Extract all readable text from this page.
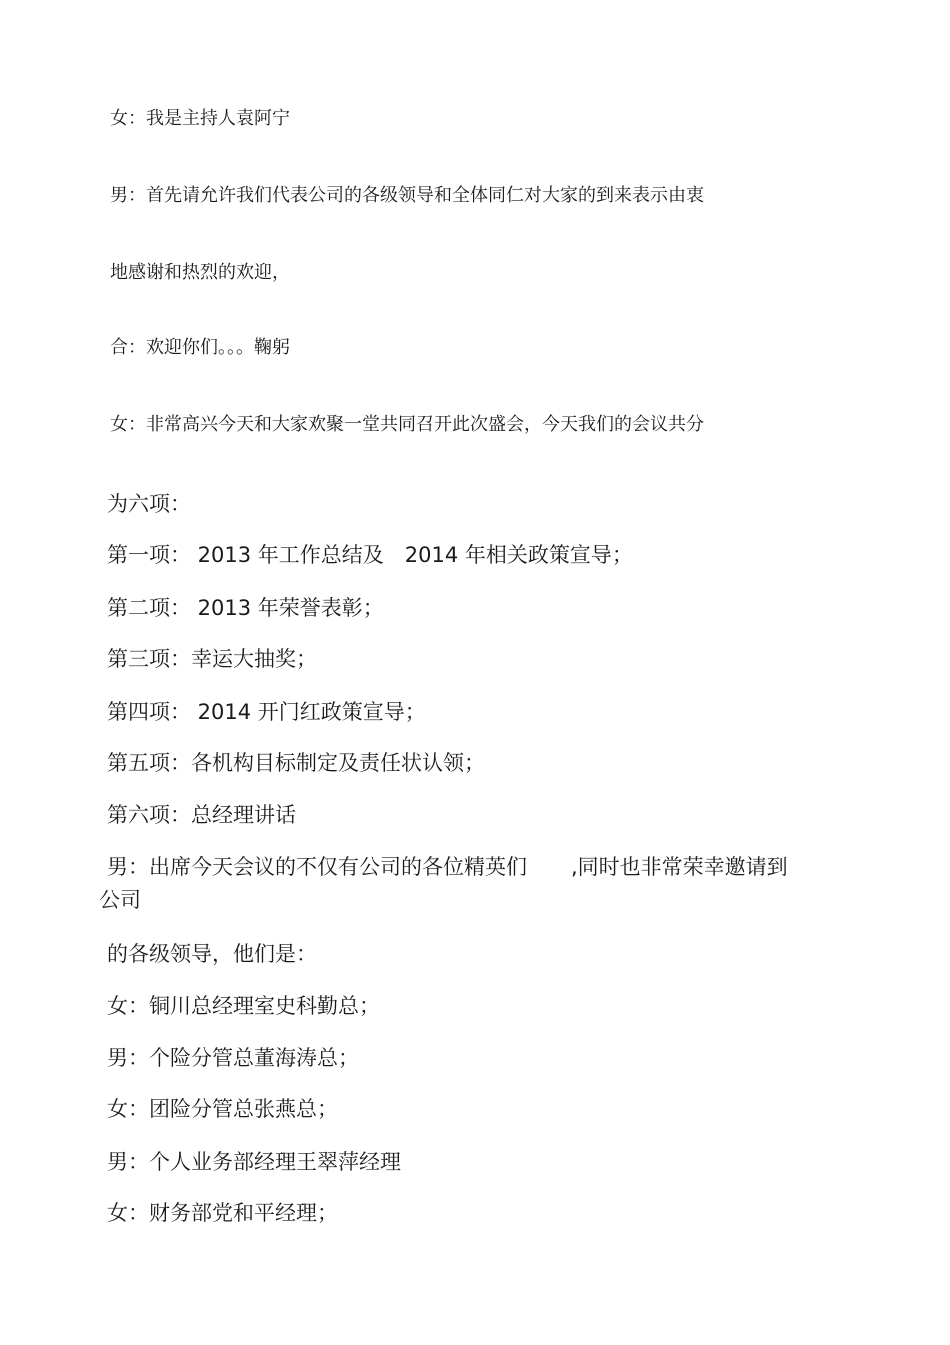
女：我是主持人袁阿宁
男：首先请允许我们代表公司的各级领导和全体同仁对大家的到来表示由衷
地感谢和热烈的欢迎，
合：欢迎你们。。。鞠躬
女：非常高兴今天和大家欢聚一堂共同召开此次盛会，今天我们的会议共分
为六项：
第一项： 2013 年工作总结及　2014 年相关政策宣导；
第二项： 2013 年荣誉表彰；
第三项：幸运大抽奖；
第四项： 2014 开门红政策宣导；
第五项：各机构目标制定及责任状认领；
第六项：总经理讲话
男：出席今天会议的不仅有公司的各位精英们 ,同时也非常荣幸邀请到
公司
的各级领导，他们是：
女：铜川总经理室史科勤总；
男：个险分管总董海涛总；
女：团险分管总张燕总；
男：个人业务部经理王翠萍经理
女：财务部党和平经理；
